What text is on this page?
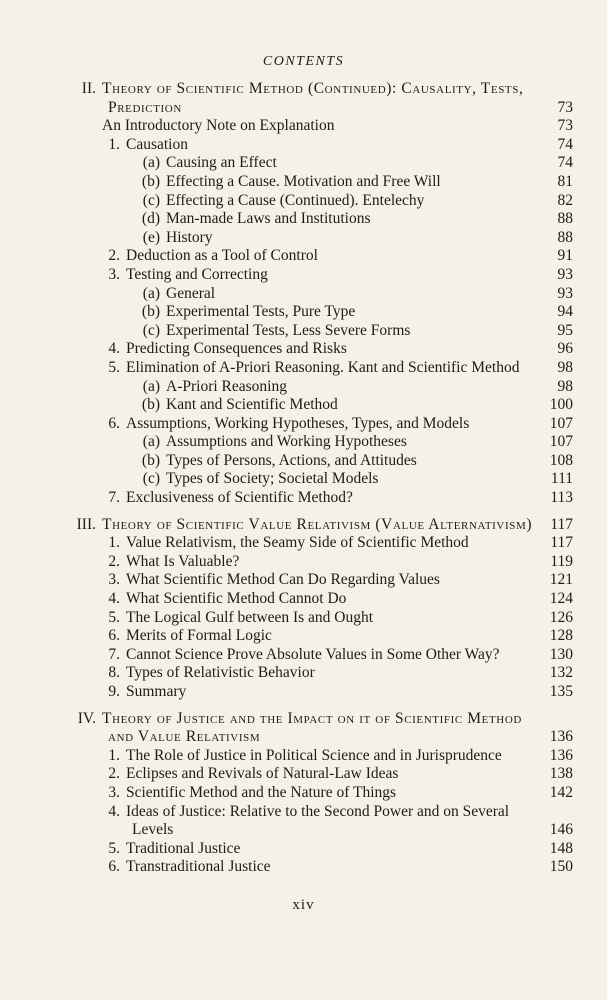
CONTENTS
II. Theory of Scientific Method (Continued): Causality, Tests,
Prediction	73
An Introductory Note on Explanation	73
1. Causation	74
(a) Causing an Effect	74
(b) Effecting a Cause. Motivation and Free Will	81
(c) Effecting a Cause (Continued). Entelechy	82
(d) Man-made Laws and Institutions	88
(e) History	88
2. Deduction as a Tool of Control	91
3. Testing and Correcting	93
(a) General	93
(b) Experimental Tests, Pure Type	94
(c) Experimental Tests, Less Severe Forms	95
4. Predicting Consequences and Risks	96
5. Elimination of A-Priori Reasoning. Kant and Scientific Method	98
(a) A-Priori Reasoning	98
(b) Kant and Scientific Method	100
6. Assumptions, Working Hypotheses, Types, and Models	107
(a) Assumptions and Working Hypotheses	107
(b) Types of Persons, Actions, and Attitudes	108
(c) Types of Society; Societal Models	111
7. Exclusiveness of Scientific Method?	113
III. Theory of Scientific Value Relativism (Value Alternativism)	117
1. Value Relativism, the Seamy Side of Scientific Method	117
2. What Is Valuable?	119
3. What Scientific Method Can Do Regarding Values	121
4. What Scientific Method Cannot Do	124
5. The Logical Gulf between Is and Ought	126
6. Merits of Formal Logic	128
7. Cannot Science Prove Absolute Values in Some Other Way?	130
8. Types of Relativistic Behavior	132
9. Summary	135
IV. Theory of Justice and the Impact on it of Scientific Method
and Value Relativism	136
1. The Role of Justice in Political Science and in Jurisprudence	136
2. Eclipses and Revivals of Natural-Law Ideas	138
3. Scientific Method and the Nature of Things	142
4. Ideas of Justice: Relative to the Second Power and on Several
Levels	146
5. Traditional Justice	148
6. Transtraditional Justice	150
xiv
